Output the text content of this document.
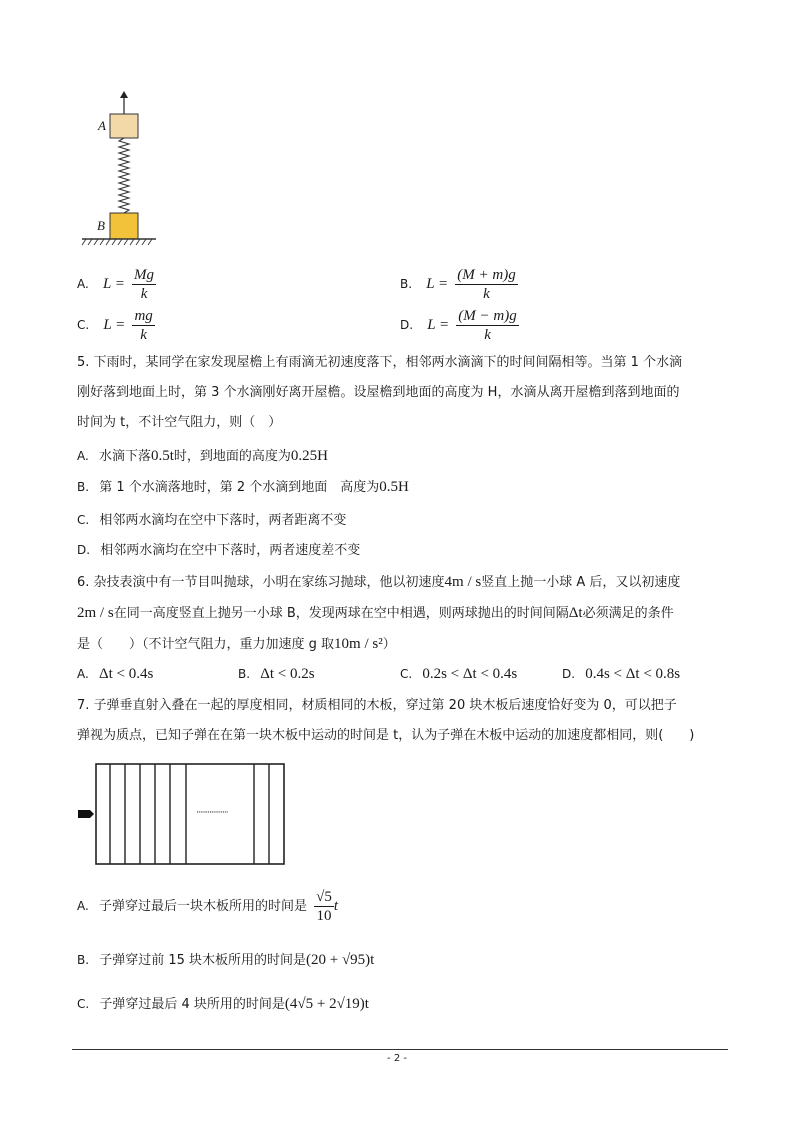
A
B
A. $L = \frac{Mg}{k}$	B. $L = \frac{(M + m)g}{k}$
C. $L = \frac{mg}{k}$	D. $L = \frac{(M - m)g}{k}$
5. 下雨时，某同学在家发现屋檐上有雨滴无初速度落下，相邻两水滴滴下的时间间隔相等。当第 1 个水滴
刚好落到地面上时，第 3 个水滴刚好离开屋檐。设屋檐到地面的高度为 H，水滴从离开屋檐到落到地面的
时间为 t，不计空气阻力，则（　）
A. 水滴下落0.5t时，到地面的高度为0.25H
B. 第 1 个水滴落地时，第 2 个水滴到地面　高度为0.5H
C. 相邻两水滴均在空中下落时，两者距离不变
D. 相邻两水滴均在空中下落时，两者速度差不变
6. 杂技表演中有一节目叫抛球，小明在家练习抛球，他以初速度4m / s竖直上抛一小球 A 后，又以初速度
2m / s在同一高度竖直上抛另一小球 B，发现两球在空中相遇，则两球抛出的时间间隔Δt必须满足的条件
是（　　）（不计空气阻力，重力加速度 g 取10m / s²）
A. Δt < 0.4s	B. Δt < 0.2s	C. 0.2s < Δt < 0.4s	D. 0.4s < Δt < 0.8s
7. 子弹垂直射入叠在一起的厚度相同，材质相同的木板，穿过第 20 块木板后速度恰好变为 0，可以把子
弹视为质点，已知子弹在在第一块木板中运动的时间是 t，认为子弹在木板中运动的加速度都相同，则(　　)
·················
A. 子弹穿过最后一块木板所用的时间是 $\frac{√5}{10}$ t
B. 子弹穿过前 15 块木板所用的时间是(20 + √95)t
C. 子弹穿过最后 4 块所用的时间是(4√5 + 2√19)t
- 2 -
